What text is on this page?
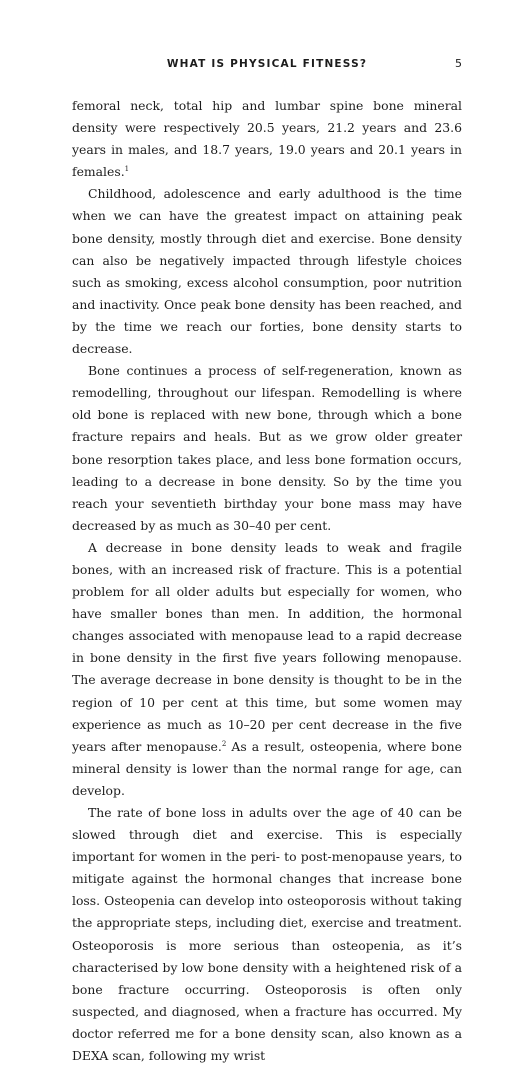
WHAT IS PHYSICAL FITNESS?	5

femoral neck, total hip and lumbar spine bone mineral density were respectively 20.5 years, 21.2 years and 23.6 years in males, and 18.7 years, 19.0 years and 20.1 years in females.$^1$

Childhood, adolescence and early adulthood is the time when we can have the greatest impact on attaining peak bone density, mostly through diet and exercise. Bone density can also be negatively impacted through lifestyle choices such as smoking, excess alcohol consumption, poor nutrition and inactivity. Once peak bone density has been reached, and by the time we reach our forties, bone density starts to decrease.

Bone continues a process of self-regeneration, known as remodelling, throughout our lifespan. Remodelling is where old bone is replaced with new bone, through which a bone fracture repairs and heals. But as we grow older greater bone resorption takes place, and less bone formation occurs, leading to a decrease in bone density. So by the time you reach your seventieth birthday your bone mass may have decreased by as much as 30–40 per cent.

A decrease in bone density leads to weak and fragile bones, with an increased risk of fracture. This is a potential problem for all older adults but especially for women, who have smaller bones than men. In addition, the hormonal changes associated with menopause lead to a rapid decrease in bone density in the first five years following menopause. The average decrease in bone density is thought to be in the region of 10 per cent at this time, but some women may experience as much as 10–20 per cent decrease in the five years after menopause.$^2$ As a result, osteopenia, where bone mineral density is lower than the normal range for age, can develop.

The rate of bone loss in adults over the age of 40 can be slowed through diet and exercise. This is especially important for women in the peri- to post-menopause years, to mitigate against the hormonal changes that increase bone loss. Osteopenia can develop into osteoporosis without taking the appropriate steps, including diet, exercise and treatment. Osteoporosis is more serious than osteopenia, as it’s characterised by low bone density with a heightened risk of a bone fracture occurring. Osteoporosis is often only suspected, and diagnosed, when a fracture has occurred. My doctor referred me for a bone density scan, also known as a DEXA scan, following my wrist
